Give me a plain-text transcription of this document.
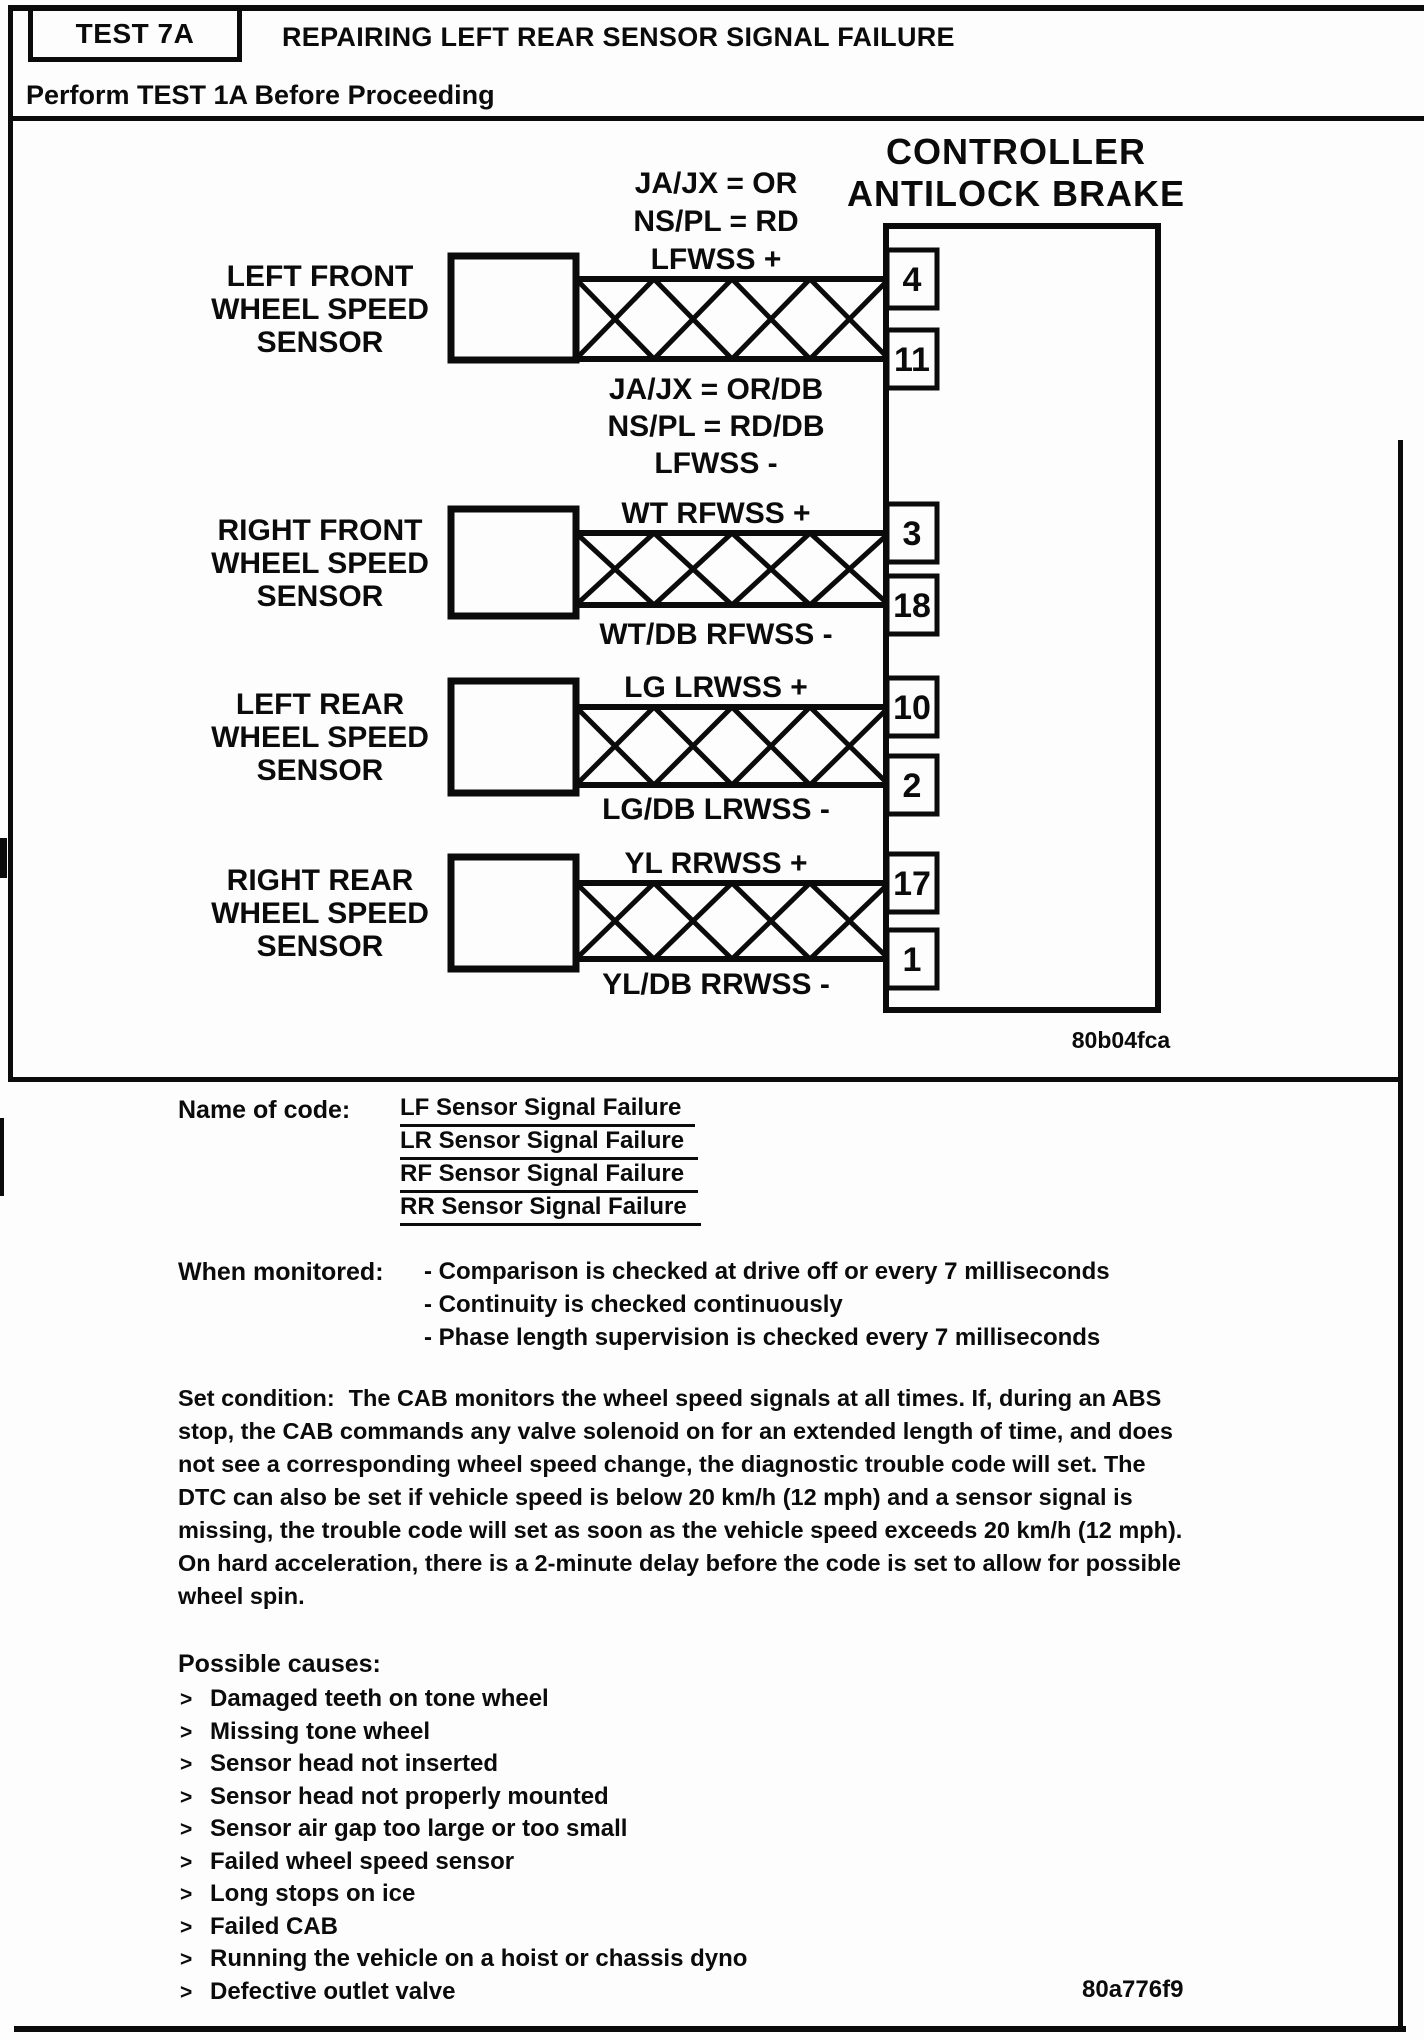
TEST 7A	REPAIRING LEFT REAR SENSOR SIGNAL FAILURE
Perform TEST 1A Before Proceeding
CONTROLLER
ANTILOCK BRAKE
LEFT FRONT
WHEEL SPEED
SENSOR
JA/JX = OR
NS/PL = RD
LFWSS +
JA/JX = OR/DB
NS/PL = RD/DB
LFWSS -
4
11
RIGHT FRONT
WHEEL SPEED
SENSOR
WT RFWSS +
WT/DB RFWSS -
3
18
LEFT REAR
WHEEL SPEED
SENSOR
LG LRWSS +
LG/DB LRWSS -
10
2
RIGHT REAR
WHEEL SPEED
SENSOR
YL RRWSS +
YL/DB RRWSS -
17
1
80b04fca
Name of code: LF Sensor Signal Failure
LR Sensor Signal Failure
RF Sensor Signal Failure
RR Sensor Signal Failure
When monitored: - Comparison is checked at drive off or every 7 milliseconds
- Continuity is checked continuously
- Phase length supervision is checked every 7 milliseconds
Set condition: The CAB monitors the wheel speed signals at all times. If, during an ABS stop, the CAB commands any valve solenoid on for an extended length of time, and does not see a corresponding wheel speed change, the diagnostic trouble code will set. The DTC can also be set if vehicle speed is below 20 km/h (12 mph) and a sensor signal is missing, the trouble code will set as soon as the vehicle speed exceeds 20 km/h (12 mph). On hard acceleration, there is a 2-minute delay before the code is set to allow for possible wheel spin.
Possible causes:
> Damaged teeth on tone wheel
> Missing tone wheel
> Sensor head not inserted
> Sensor head not properly mounted
> Sensor air gap too large or too small
> Failed wheel speed sensor
> Long stops on ice
> Failed CAB
> Running the vehicle on a hoist or chassis dyno
> Defective outlet valve	80a776f9
